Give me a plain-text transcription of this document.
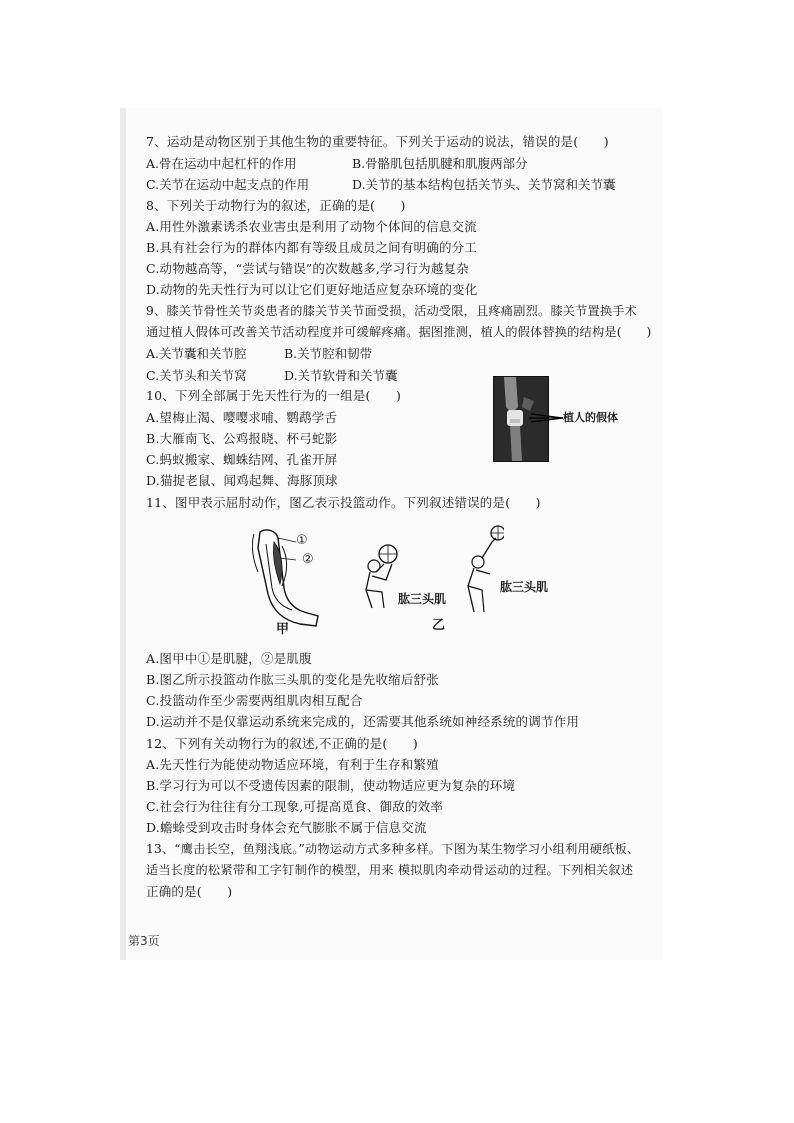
7、运动是动物区别于其他生物的重要特征。下列关于运动的说法，错误的是(　　)
A.骨在运动中起杠杆的作用	B.骨骼肌包括肌腱和肌腹两部分
C.关节在运动中起支点的作用	D.关节的基本结构包括关节头、关节窝和关节囊
8、下列关于动物行为的叙述，正确的是(　　)
A.用性外激素诱杀农业害虫是利用了动物个体间的信息交流
B.具有社会行为的群体内都有等级且成员之间有明确的分工
C.动物越高等，“尝试与错误”的次数越多,学习行为越复杂
D.动物的先天性行为可以让它们更好地适应复杂环境的变化
9、膝关节骨性关节炎患者的膝关节关节面受损，活动受限，且疼痛剧烈。膝关节置换手术
通过植人假体可改善关节活动程度并可缓解疼痛。据图推测，植人的假体替换的结构是(　　)
A.关节囊和关节腔	B.关节腔和韧带
C.关节头和关节窝	D.关节软骨和关节囊
植人的假体
10、下列全部属于先天性行为的一组是(　　)
A.望梅止渴、嘤嘤求哺、鹦鹉学舌
B.大雁南飞、公鸡报晓、杯弓蛇影
C.蚂蚁搬家、蜘蛛结网、孔雀开屏
D.猫捉老鼠、闻鸡起舞、海豚顶球
11、图甲表示屈肘动作，图乙表示投篮动作。下列叙述错误的是(　　)
①
②
甲
肱三头肌
肱三头肌
乙
A.图甲中①是肌腱，②是肌腹
B.图乙所示投篮动作肱三头肌的变化是先收缩后舒张
C.投篮动作至少需要两组肌肉相互配合
D.运动并不是仅靠运动系统来完成的，还需要其他系统如神经系统的调节作用
12、下列有关动物行为的叙述,不正确的是(　　)
A.先天性行为能使动物适应环境，有利于生存和繁殖
B.学习行为可以不受遗传因素的限制，使动物适应更为复杂的环境
C.社会行为往往有分工现象,可提高觅食、御敌的效率
D.蟾蜍受到攻击时身体会充气膨胀不属于信息交流
13、“鹰击长空，鱼翔浅底。”动物运动方式多种多样。下图为某生物学习小组利用硬纸板、
适当长度的松紧带和工字钉制作的模型，用来 模拟肌肉牵动骨运动的过程。下列相关叙述
正确的是(　　)
第3页
